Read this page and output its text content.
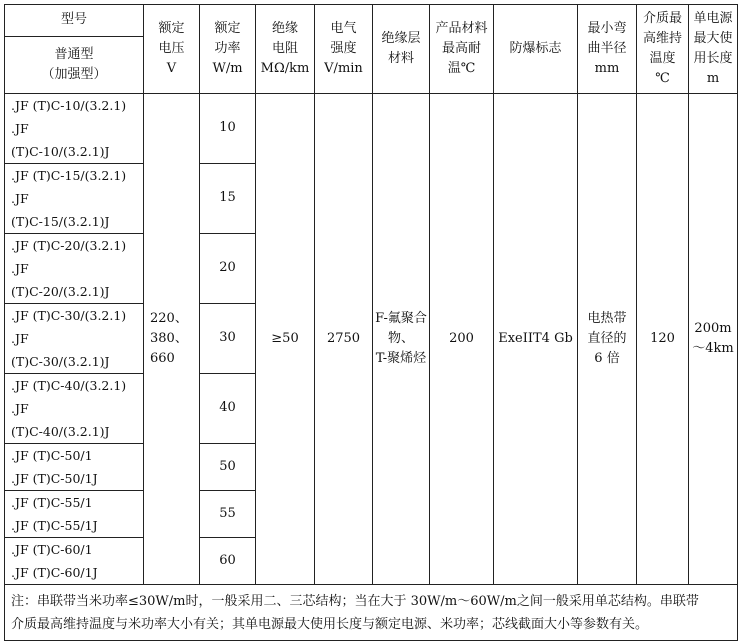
型号	额定
电压
V	额定
功率
W/m	绝缘
电阻
MΩ/km	电气
强度
V/min	绝缘层
材料	产品材料
最高耐
温℃	防爆标志	最小弯
曲半径
mm	介质最
高维持
温度
℃	单电源
最大使
用长度
m

普通型
（加强型）										

.JF (T)C-10/(3.2.1)
.JF
(T)C-10/(3.2.1)J	220、
380、
660	10	≥50	2750	F-氟聚合
物、
T-聚烯烃	200	ExeIIT4 Gb	电热带
直径的
6 倍	120	200m
～4km

.JF (T)C-15/(3.2.1)
.JF
(T)C-15/(3.2.1)J		15								

.JF (T)C-20/(3.2.1)
.JF
(T)C-20/(3.2.1)J		20								

.JF (T)C-30/(3.2.1)
.JF
(T)C-30/(3.2.1)J		30								

.JF (T)C-40/(3.2.1)
.JF
(T)C-40/(3.2.1)J		40								

.JF (T)C-50/1
.JF (T)C-50/1J		50								

.JF (T)C-55/1
.JF (T)C-55/1J		55								

.JF (T)C-60/1
.JF (T)C-60/1J		60								

注：串联带当米功率≤30W/m时，一般采用二、三芯结构；当在大于 30W/m～60W/m之间一般采用单芯结构。串联带
介质最高维持温度与米功率大小有关；其单电源最大使用长度与额定电源、米功率；芯线截面大小等参数有关。										
